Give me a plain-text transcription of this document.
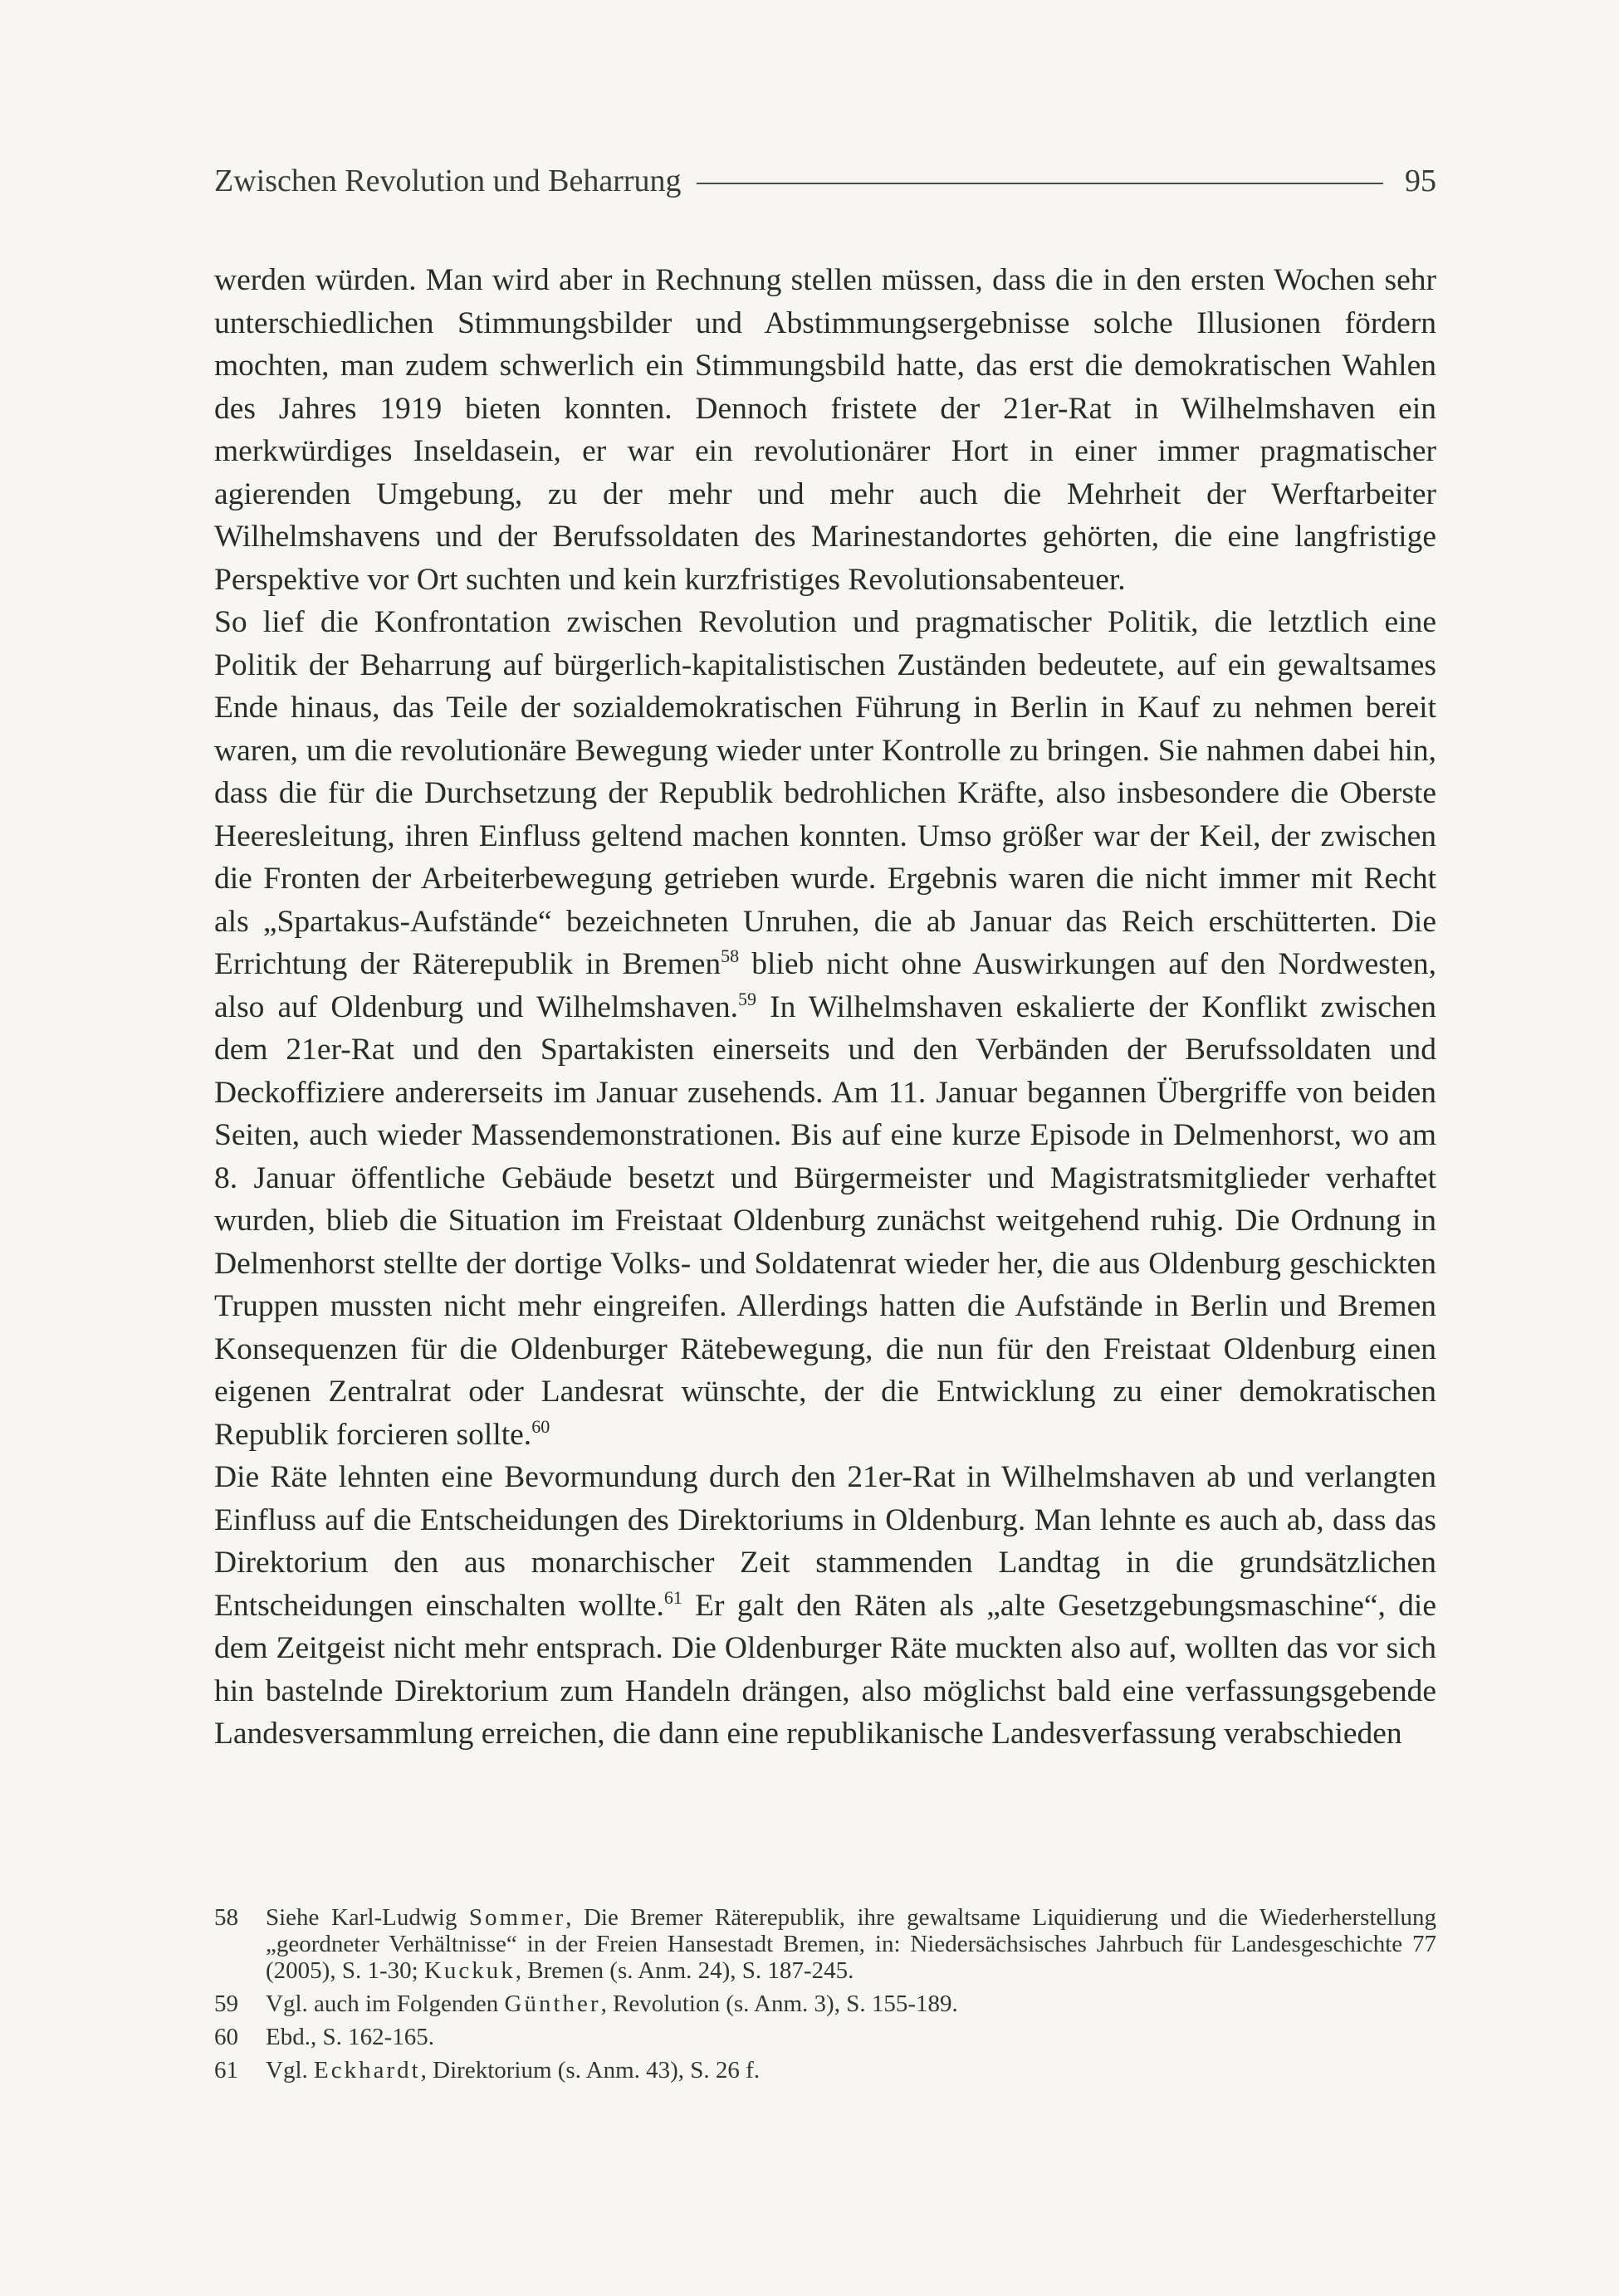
Zwischen Revolution und Beharrung	95

werden würden. Man wird aber in Rechnung stellen müssen, dass die in den ersten Wochen sehr unterschiedlichen Stimmungsbilder und Abstimmungsergebnisse solche Illusionen fördern mochten, man zudem schwerlich ein Stimmungsbild hatte, das erst die demokratischen Wahlen des Jahres 1919 bieten konnten. Dennoch fristete der 21er-Rat in Wilhelmshaven ein merkwürdiges Inseldasein, er war ein revolutionärer Hort in einer immer pragmatischer agierenden Umgebung, zu der mehr und mehr auch die Mehrheit der Werftarbeiter Wilhelmshavens und der Berufssoldaten des Marinestandortes gehörten, die eine langfristige Perspektive vor Ort suchten und kein kurzfristiges Revolutionsabenteuer.

So lief die Konfrontation zwischen Revolution und pragmatischer Politik, die letztlich eine Politik der Beharrung auf bürgerlich-kapitalistischen Zuständen bedeutete, auf ein gewaltsames Ende hinaus, das Teile der sozialdemokratischen Führung in Berlin in Kauf zu nehmen bereit waren, um die revolutionäre Bewegung wieder unter Kontrolle zu bringen. Sie nahmen dabei hin, dass die für die Durchsetzung der Republik bedrohlichen Kräfte, also insbesondere die Oberste Heeresleitung, ihren Einfluss geltend machen konnten. Umso größer war der Keil, der zwischen die Fronten der Arbeiterbewegung getrieben wurde. Ergebnis waren die nicht immer mit Recht als „Spartakus-Aufstände“ bezeichneten Unruhen, die ab Januar das Reich erschütterten. Die Errichtung der Räterepublik in Bremen$^{58}$ blieb nicht ohne Auswirkungen auf den Nordwesten, also auf Oldenburg und Wilhelmshaven.$^{59}$ In Wilhelmshaven eskalierte der Konflikt zwischen dem 21er-Rat und den Spartakisten einerseits und den Verbänden der Berufssoldaten und Deckoffiziere andererseits im Januar zusehends. Am 11. Januar begannen Übergriffe von beiden Seiten, auch wieder Massendemonstrationen. Bis auf eine kurze Episode in Delmenhorst, wo am 8. Januar öffentliche Gebäude besetzt und Bürgermeister und Magistratsmitglieder verhaftet wurden, blieb die Situation im Freistaat Oldenburg zunächst weitgehend ruhig. Die Ordnung in Delmenhorst stellte der dortige Volks- und Soldatenrat wieder her, die aus Oldenburg geschickten Truppen mussten nicht mehr eingreifen. Allerdings hatten die Aufstände in Berlin und Bremen Konsequenzen für die Oldenburger Rätebewegung, die nun für den Freistaat Oldenburg einen eigenen Zentralrat oder Landesrat wünschte, der die Entwicklung zu einer demokratischen Republik forcieren sollte.$^{60}$

Die Räte lehnten eine Bevormundung durch den 21er-Rat in Wilhelmshaven ab und verlangten Einfluss auf die Entscheidungen des Direktoriums in Oldenburg. Man lehnte es auch ab, dass das Direktorium den aus monarchischer Zeit stammenden Landtag in die grundsätzlichen Entscheidungen einschalten wollte.$^{61}$ Er galt den Räten als „alte Gesetzgebungsmaschine“, die dem Zeitgeist nicht mehr entsprach. Die Oldenburger Räte muckten also auf, wollten das vor sich hin bastelnde Direktorium zum Handeln drängen, also möglichst bald eine verfassungsgebende Landesversammlung erreichen, die dann eine republikanische Landesverfassung verabschieden

58	Siehe Karl-Ludwig Sommer, Die Bremer Räterepublik, ihre gewaltsame Liquidierung und die Wiederherstellung „geordneter Verhältnisse“ in der Freien Hansestadt Bremen, in: Niedersächsisches Jahrbuch für Landesgeschichte 77 (2005), S. 1-30; Kuckuk, Bremen (s. Anm. 24), S. 187-245.
59	Vgl. auch im Folgenden Günther, Revolution (s. Anm. 3), S. 155-189.
60	Ebd., S. 162-165.
61	Vgl. Eckhardt, Direktorium (s. Anm. 43), S. 26 f.
